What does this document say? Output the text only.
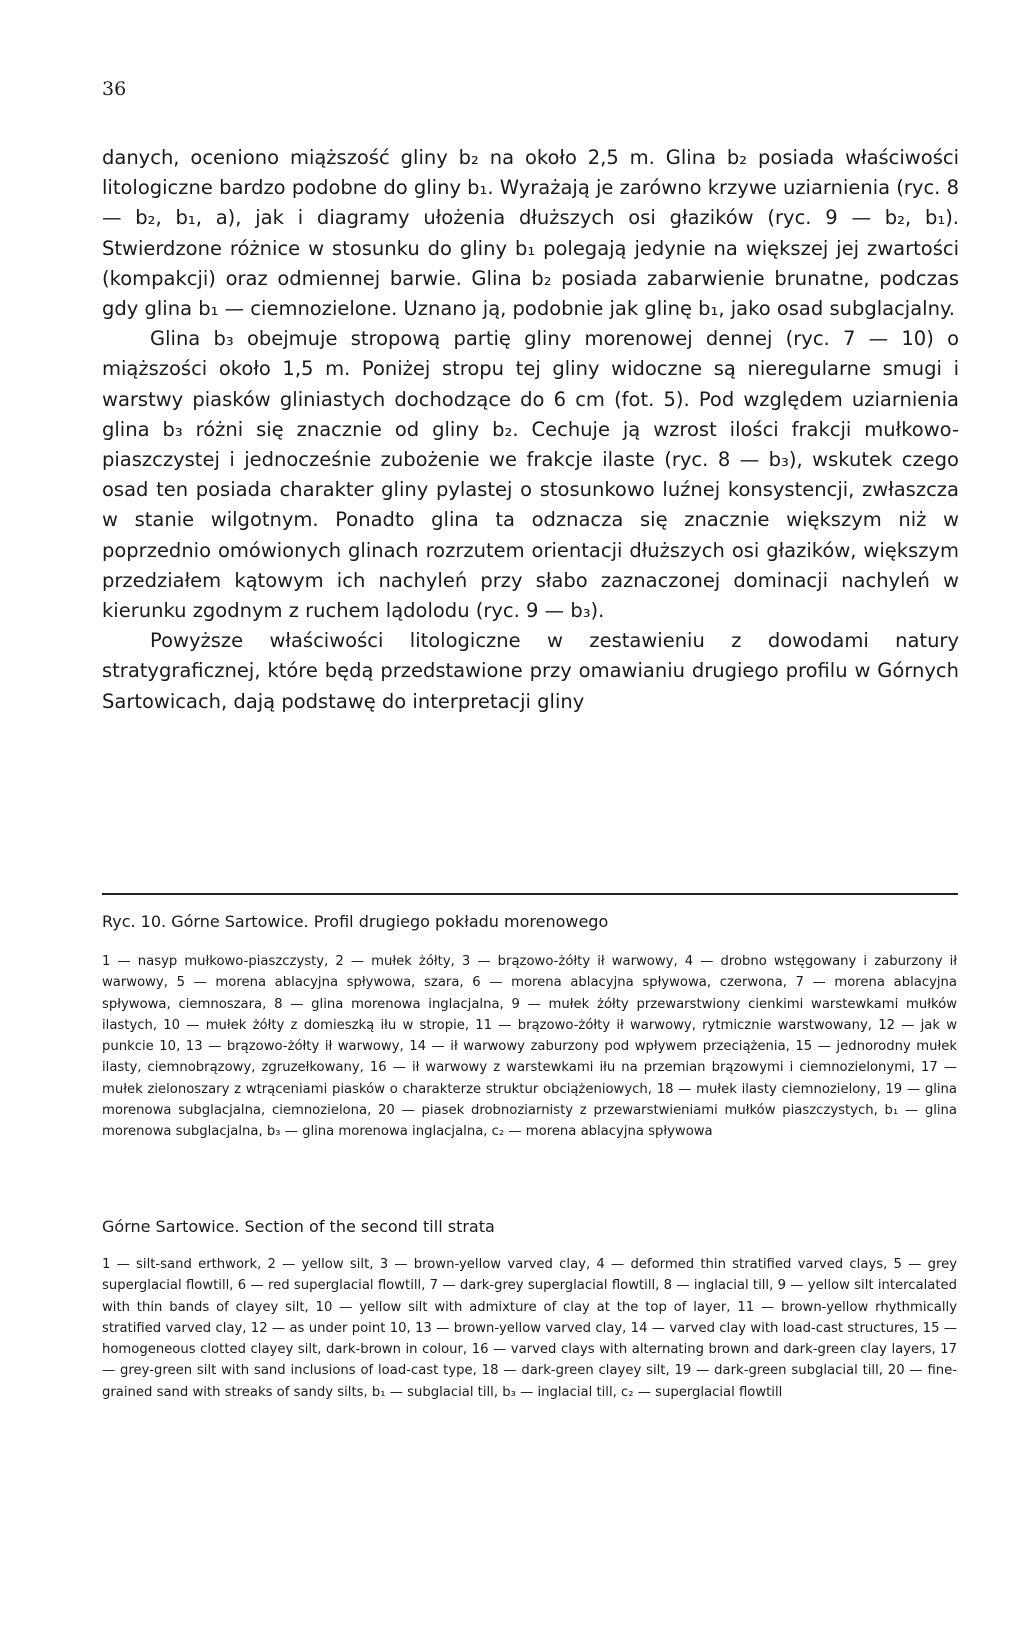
36

danych, oceniono miąższość gliny b₂ na około 2,5 m. Glina b₂ posiada właściwości litologiczne bardzo podobne do gliny b₁. Wyrażają je zarówno krzywe uziarnienia (ryc. 8 — b₂, b₁, a), jak i diagramy ułożenia dłuższych osi głazików (ryc. 9 — b₂, b₁). Stwierdzone różnice w stosunku do gliny b₁ polegają jedynie na większej jej zwartości (kompakcji) oraz odmiennej barwie. Glina b₂ posiada zabarwienie brunatne, podczas gdy glina b₁ — ciemnozielone. Uznano ją, podobnie jak glinę b₁, jako osad subglacjalny.

Glina b₃ obejmuje stropową partię gliny morenowej dennej (ryc. 7 — 10) o miąższości około 1,5 m. Poniżej stropu tej gliny widoczne są nieregularne smugi i warstwy piasków gliniastych dochodzące do 6 cm (fot. 5). Pod względem uziarnienia glina b₃ różni się znacznie od gliny b₂. Cechuje ją wzrost ilości frakcji mułkowo-piaszczystej i jednocześnie zubożenie we frakcje ilaste (ryc. 8 — b₃), wskutek czego osad ten posiada charakter gliny pylastej o stosunkowo luźnej konsystencji, zwłaszcza w stanie wilgotnym. Ponadto glina ta odznacza się znacznie większym niż w poprzednio omówionych glinach rozrzutem orientacji dłuższych osi głazików, większym przedziałem kątowym ich nachyleń przy słabo zaznaczonej dominacji nachyleń w kierunku zgodnym z ruchem lądolodu (ryc. 9 — b₃).

Powyższe właściwości litologiczne w zestawieniu z dowodami natury stratygraficznej, które będą przedstawione przy omawianiu drugiego profilu w Górnych Sartowicach, dają podstawę do interpretacji gliny

Ryc. 10. Górne Sartowice. Profil drugiego pokładu morenowego

1 — nasyp mułkowo-piaszczysty, 2 — mułek żółty, 3 — brązowo-żółty ił warwowy, 4 — drobno wstęgowany i zaburzony ił warwowy, 5 — morena ablacyjna spływowa, szara, 6 — morena ablacyjna spływowa, czerwona, 7 — morena ablacyjna spływowa, ciemnoszara, 8 — glina morenowa inglacjalna, 9 — mułek żółty przewarstwiony cienkimi warstewkami mułków ilastych, 10 — mułek żółty z domieszką iłu w stropie, 11 — brązowo-żółty ił warwowy, rytmicznie warstwowany, 12 — jak w punkcie 10, 13 — brązowo-żółty ił warwowy, 14 — ił warwowy zaburzony pod wpływem przeciążenia, 15 — jednorodny mułek ilasty, ciemnobrązowy, zgruzełkowany, 16 — ił warwowy z warstewkami iłu na przemian brązowymi i ciemnozielonymi, 17 — mułek zielonoszary z wtrąceniami piasków o charakterze struktur obciążeniowych, 18 — mułek ilasty ciemnozielony, 19 — glina morenowa subglacjalna, ciemnozielona, 20 — piasek drobnoziarnisty z przewarstwieniami mułków piaszczystych, b₁ — glina morenowa subglacjalna, b₃ — glina morenowa inglacjalna, c₂ — morena ablacyjna spływowa

Górne Sartowice. Section of the second till strata

1 — silt-sand erthwork, 2 — yellow silt, 3 — brown-yellow varved clay, 4 — deformed thin stratified varved clays, 5 — grey superglacial flowtill, 6 — red superglacial flowtill, 7 — dark-grey superglacial flowtill, 8 — inglacial till, 9 — yellow silt intercalated with thin bands of clayey silt, 10 — yellow silt with admixture of clay at the top of layer, 11 — brown-yellow rhythmically stratified varved clay, 12 — as under point 10, 13 — brown-yellow varved clay, 14 — varved clay with load-cast structures, 15 — homogeneous clotted clayey silt, dark-brown in colour, 16 — varved clays with alternating brown and dark-green clay layers, 17 — grey-green silt with sand inclusions of load-cast type, 18 — dark-green clayey silt, 19 — dark-green subglacial till, 20 — fine-grained sand with streaks of sandy silts, b₁ — subglacial till, b₃ — inglacial till, c₂ — superglacial flowtill
